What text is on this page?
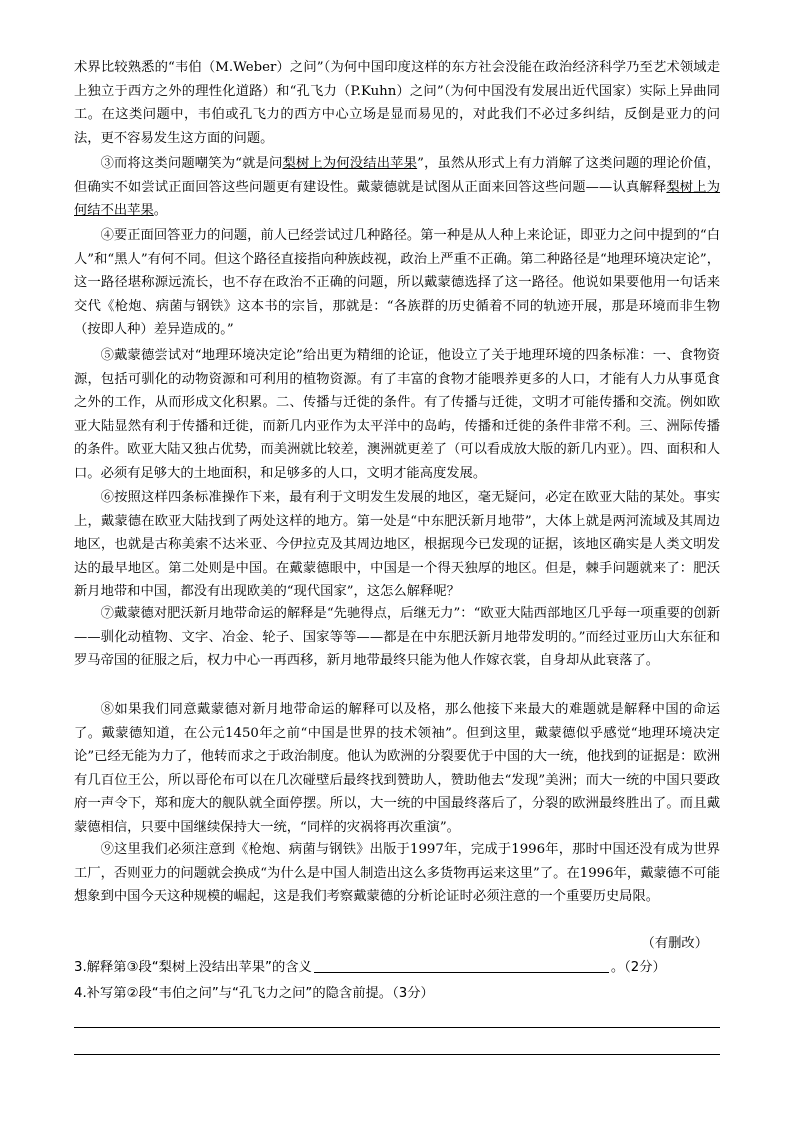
术界比较熟悉的“韦伯（M.Weber）之问”（为何中国印度这样的东方社会没能在政治经济科学乃至艺术领域走上独立于西方之外的理性化道路）和“孔飞力（P.Kuhn）之问”（为何中国没有发展出近代国家）实际上异曲同工。在这类问题中，韦伯或孔飞力的西方中心立场是显而易见的，对此我们不必过多纠结，反倒是亚力的问法，更不容易发生这方面的问题。

③而将这类问题嘲笑为“就是问梨树上为何没结出苹果”，虽然从形式上有力消解了这类问题的理论价值，但确实不如尝试正面回答这些问题更有建设性。戴蒙德就是试图从正面来回答这些问题——认真解释梨树上为何结不出苹果。

④要正面回答亚力的问题，前人已经尝试过几种路径。第一种是从人种上来论证，即亚力之问中提到的“白人”和“黑人”有何不同。但这个路径直接指向种族歧视，政治上严重不正确。第二种路径是“地理环境决定论”，这一路径堪称源远流长，也不存在政治不正确的问题，所以戴蒙德选择了这一路径。他说如果要他用一句话来交代《枪炮、病菌与钢铁》这本书的宗旨，那就是：“各族群的历史循着不同的轨迹开展，那是环境而非生物（按即人种）差异造成的。”

⑤戴蒙德尝试对“地理环境决定论”给出更为精细的论证，他设立了关于地理环境的四条标准：一、食物资源，包括可驯化的动物资源和可利用的植物资源。有了丰富的食物才能喂养更多的人口，才能有人力从事觅食之外的工作，从而形成文化积累。二、传播与迁徙的条件。有了传播与迁徙，文明才可能传播和交流。例如欧亚大陆显然有利于传播和迁徙，而新几内亚作为太平洋中的岛屿，传播和迁徙的条件非常不利。三、洲际传播的条件。欧亚大陆又独占优势，而美洲就比较差，澳洲就更差了（可以看成放大版的新几内亚）。四、面积和人口。必须有足够大的土地面积，和足够多的人口，文明才能高度发展。

⑥按照这样四条标准操作下来，最有利于文明发生发展的地区，毫无疑问，必定在欧亚大陆的某处。事实上，戴蒙德在欧亚大陆找到了两处这样的地方。第一处是“中东肥沃新月地带”，大体上就是两河流域及其周边地区，也就是古称美索不达米亚、今伊拉克及其周边地区，根据现今已发现的证据，该地区确实是人类文明发达的最早地区。第二处则是中国。在戴蒙德眼中，中国是一个得天独厚的地区。但是，棘手问题就来了：肥沃新月地带和中国，都没有出现欧美的“现代国家”，这怎么解释呢？

⑦戴蒙德对肥沃新月地带命运的解释是“先驰得点，后继无力”：“欧亚大陆西部地区几乎每一项重要的创新——驯化动植物、文字、冶金、轮子、国家等等——都是在中东肥沃新月地带发明的。”而经过亚历山大东征和罗马帝国的征服之后，权力中心一再西移，新月地带最终只能为他人作嫁衣裳，自身却从此衰落了。

⑧如果我们同意戴蒙德对新月地带命运的解释可以及格，那么他接下来最大的难题就是解释中国的命运了。戴蒙德知道，在公元1450年之前“中国是世界的技术领袖”。但到这里，戴蒙德似乎感觉“地理环境决定论”已经无能为力了，他转而求之于政治制度。他认为欧洲的分裂要优于中国的大一统，他找到的证据是：欧洲有几百位王公，所以哥伦布可以在几次碰壁后最终找到赞助人，赞助他去“发现”美洲；而大一统的中国只要政府一声令下，郑和庞大的舰队就全面停摆。所以，大一统的中国最终落后了，分裂的欧洲最终胜出了。而且戴蒙德相信，只要中国继续保持大一统，“同样的灾祸将再次重演”。

⑨这里我们必须注意到《枪炮、病菌与钢铁》出版于1997年，完成于1996年，那时中国还没有成为世界工厂，否则亚力的问题就会换成“为什么是中国人制造出这么多货物再运来这里”了。在1996年，戴蒙德不可能想象到中国今天这种规模的崛起，这是我们考察戴蒙德的分析论证时必须注意的一个重要历史局限。

（有删改）
3.解释第③段“梨树上没结出苹果”的含义	。（2分）
4.补写第②段“韦伯之问”与“孔飞力之问”的隐含前提。（3分）
